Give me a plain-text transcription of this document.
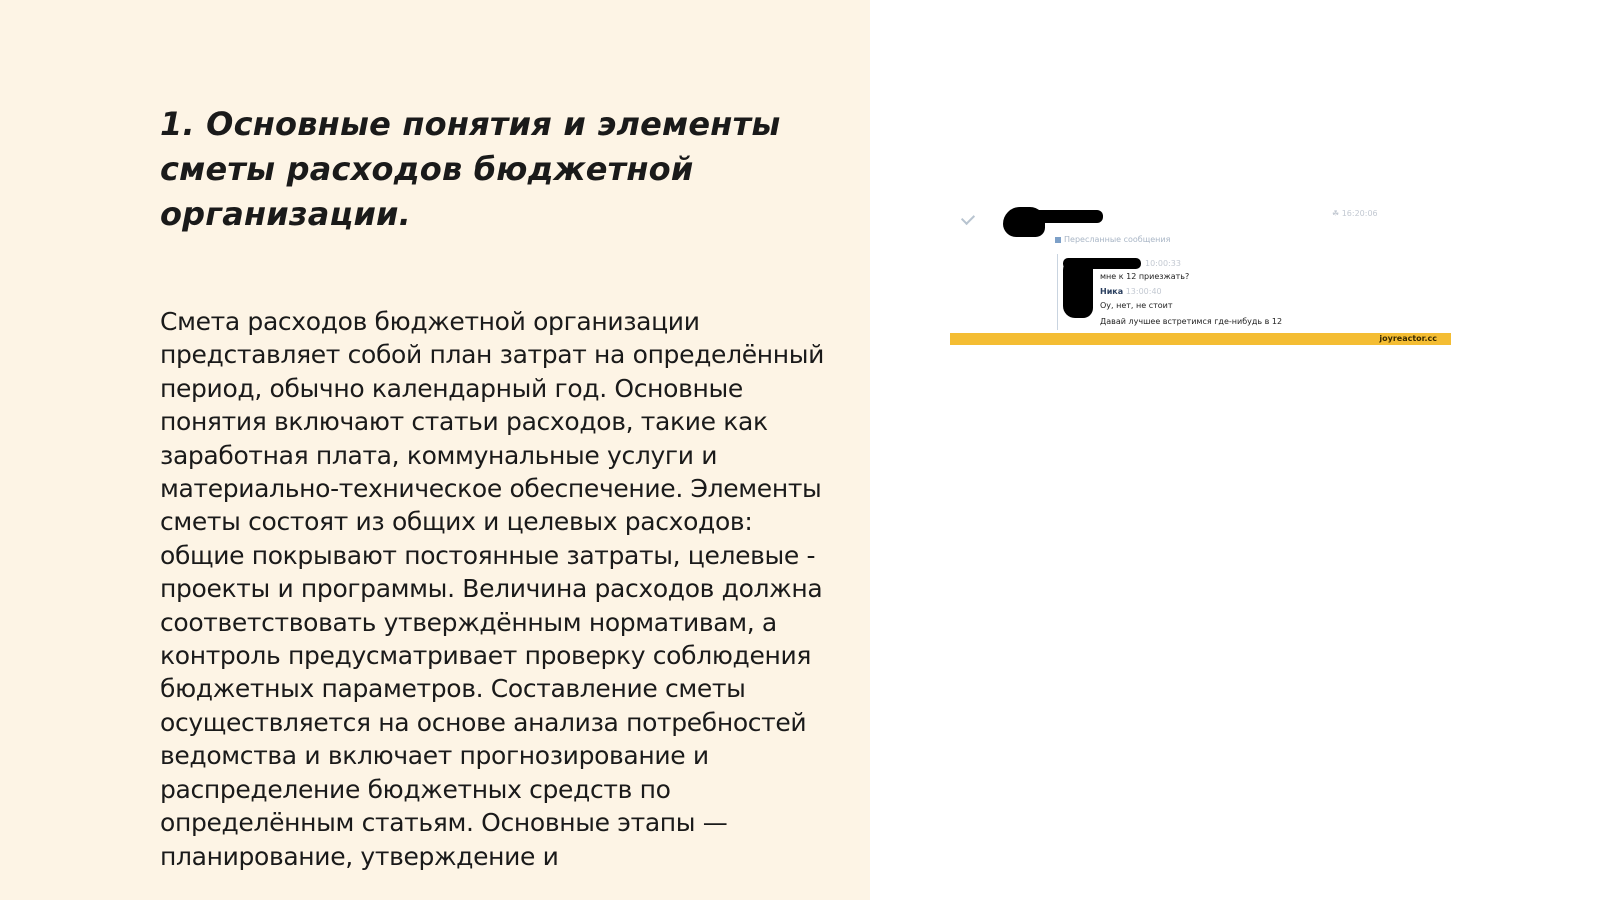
1. Основные понятия и элементы сметы расходов бюджетной организации.

Смета расходов бюджетной организации представляет собой план затрат на определённый период, обычно календарный год. Основные понятия включают статьи расходов, такие как заработная плата, коммунальные услуги и материально-техническое обеспечение. Элементы сметы состоят из общих и целевых расходов: общие покрывают постоянные затраты, целевые - проекты и программы. Величина расходов должна соответствовать утверждённым нормативам, а контроль предусматривает проверку соблюдения бюджетных параметров. Составление сметы осуществляется на основе анализа потребностей ведомства и включает прогнозирование и распределение бюджетных средств по определённым статьям. Основные этапы — планирование, утверждение и

☘ 16:20:06
Пересланные сообщения
10:00:33
мне к 12 приезжать?
Ника 13:00:40
Оу, нет, не стоит
Давай лучшее встретимся где-нибудь в 12
joyreactor.cc
